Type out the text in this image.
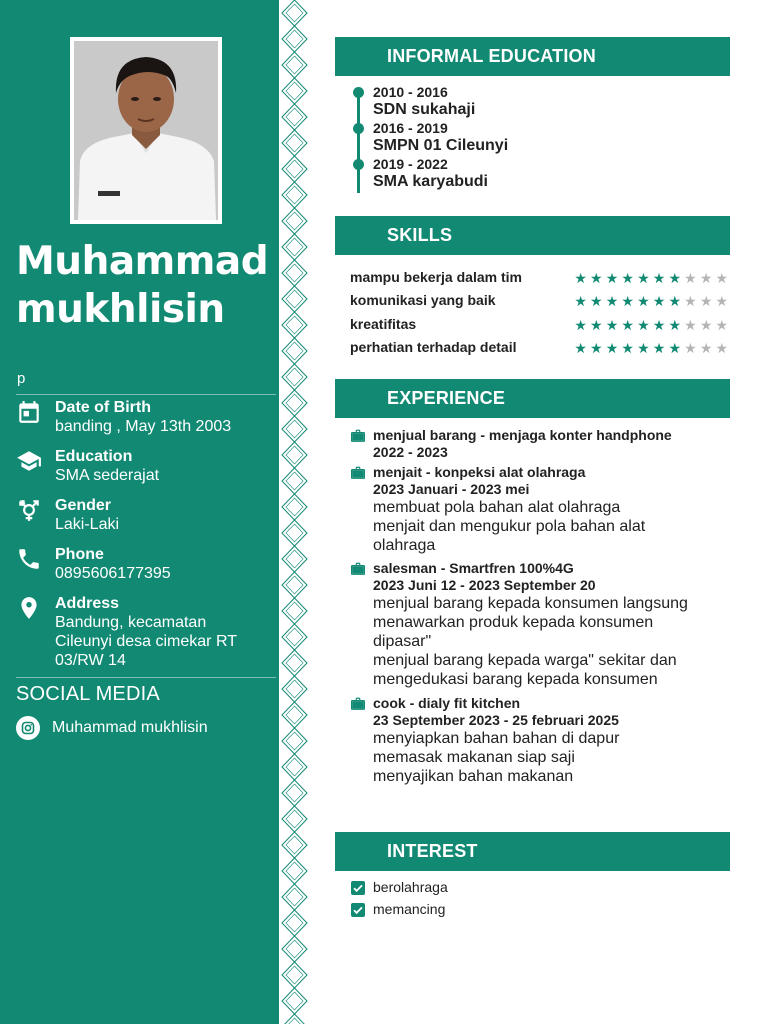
Muhammad
mukhlisin
p
Date of Birth
banding , May 13th 2003
Education
SMA sederajat
Gender
Laki-Laki
Phone
0895606177395
Address
Bandung, kecamatan
Cileunyi desa cimekar RT
03/RW 14
SOCIAL MEDIA
Muhammad mukhlisin
INFORMAL EDUCATION
2010 - 2016
SDN sukahaji
2016 - 2019
SMPN 01 Cileunyi
2019 - 2022
SMA karyabudi
SKILLS
mampu bekerja dalam tim	★ ★ ★ ★ ★ ★ ★ ★ ★ ★
komunikasi yang baik	★ ★ ★ ★ ★ ★ ★ ★ ★ ★
kreatifitas	★ ★ ★ ★ ★ ★ ★ ★ ★ ★
perhatian terhadap detail	★ ★ ★ ★ ★ ★ ★ ★ ★ ★
EXPERIENCE
menjual barang - menjaga konter handphone
2022 - 2023
menjait - konpeksi alat olahraga
2023 Januari - 2023 mei
membuat pola bahan alat olahraga
menjait dan mengukur pola bahan alat
olahraga
salesman - Smartfren 100%4G
2023 Juni 12 - 2023 September 20
menjual barang kepada konsumen langsung
menawarkan produk kepada konsumen
dipasar"
menjual barang kepada warga" sekitar dan
mengedukasi barang kepada konsumen
cook - dialy fit kitchen
23 September 2023 - 25 februari 2025
menyiapkan bahan bahan di dapur
memasak makanan siap saji
menyajikan bahan makanan
INTEREST
berolahraga
memancing
